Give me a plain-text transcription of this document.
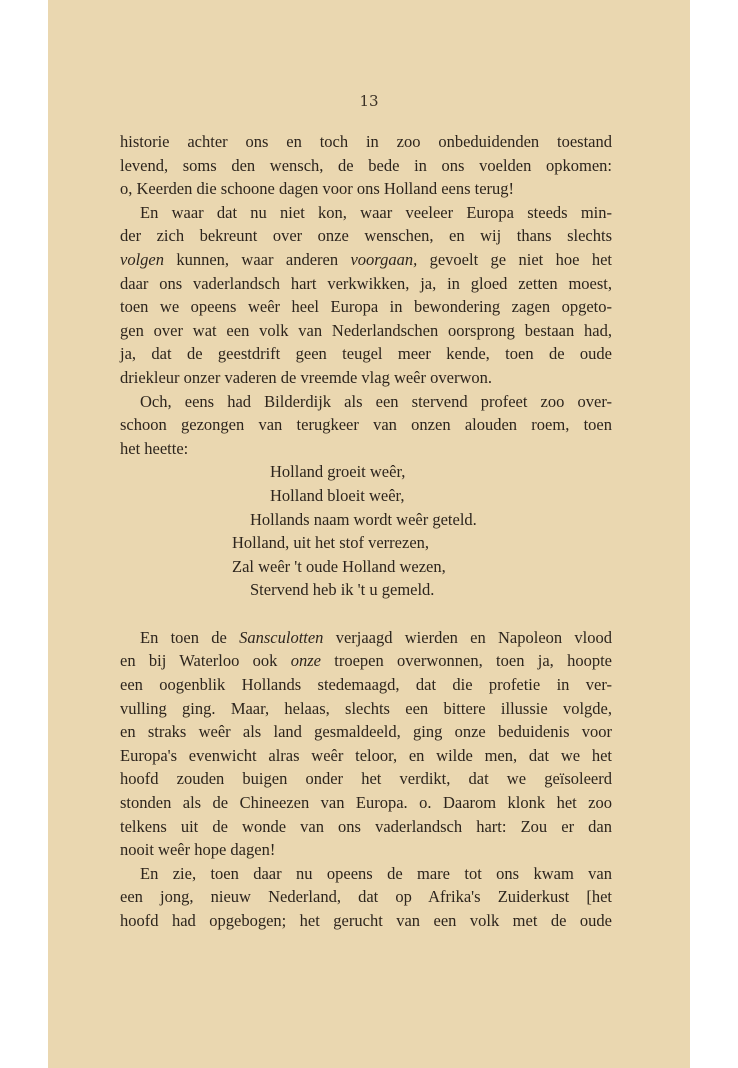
13
historie achter ons en toch in zoo onbeduidenden toestand
levend, soms den wensch, de bede in ons voelden opkomen:
o, Keerden die schoone dagen voor ons Holland eens terug!
En waar dat nu niet kon, waar veeleer Europa steeds min-
der zich bekreunt over onze wenschen, en wij thans slechts
volgen kunnen, waar anderen voorgaan, gevoelt ge niet hoe het
daar ons vaderlandsch hart verkwikken, ja, in gloed zetten moest,
toen we opeens weêr heel Europa in bewondering zagen opgeto-
gen over wat een volk van Nederlandschen oorsprong bestaan had,
ja, dat de geestdrift geen teugel meer kende, toen de oude
driekleur onzer vaderen de vreemde vlag weêr overwon.
Och, eens had Bilderdijk als een stervend profeet zoo over-
schoon gezongen van terugkeer van onzen alouden roem, toen
het heette:
Holland groeit weêr,
Holland bloeit weêr,
Hollands naam wordt weêr geteld.
Holland, uit het stof verrezen,
Zal weêr 't oude Holland wezen,
Stervend heb ik 't u gemeld.
En toen de Sansculotten verjaagd wierden en Napoleon vlood
en bij Waterloo ook onze troepen overwonnen, toen ja, hoopte
een oogenblik Hollands stedemaagd, dat die profetie in ver-
vulling ging. Maar, helaas, slechts een bittere illussie volgde,
en straks weêr als land gesmaldeeld, ging onze beduidenis voor
Europa's evenwicht alras weêr teloor, en wilde men, dat we het
hoofd zouden buigen onder het verdikt, dat we geïsoleerd
stonden als de Chineezen van Europa. o. Daarom klonk het zoo
telkens uit de wonde van ons vaderlandsch hart: Zou er dan
nooit weêr hope dagen!
En zie, toen daar nu opeens de mare tot ons kwam van
een jong, nieuw Nederland, dat op Afrika's Zuiderkust [het
hoofd had opgebogen; het gerucht van een volk met de oude
